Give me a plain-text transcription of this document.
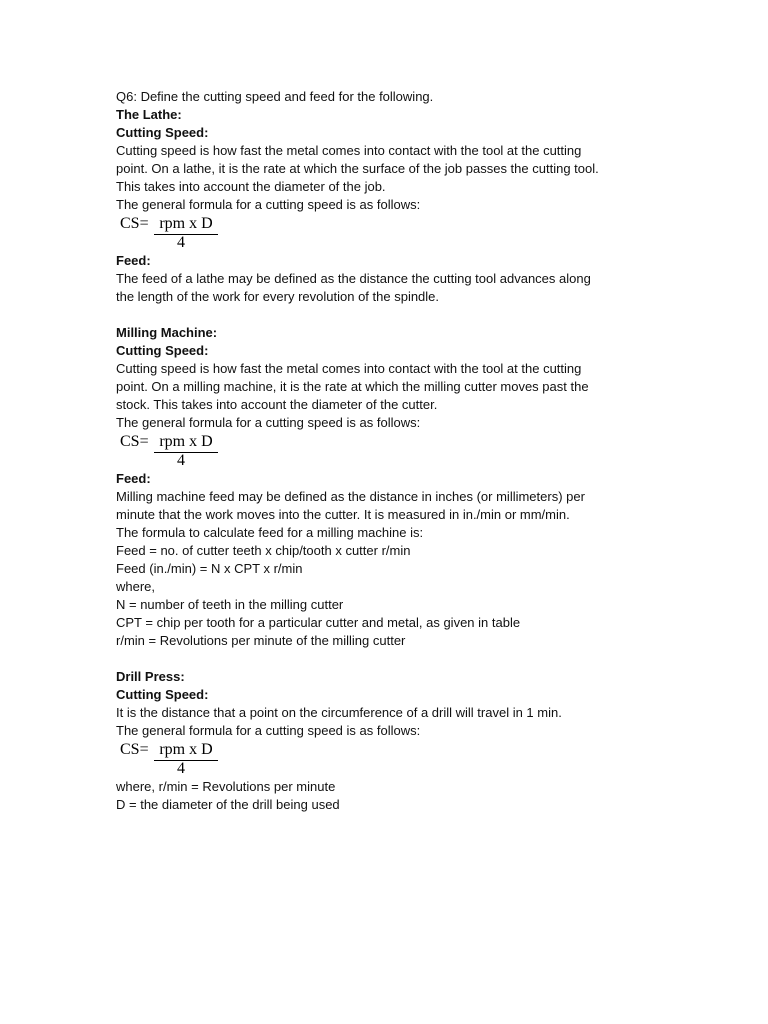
Q6: Define the cutting speed and feed for the following.

The Lathe:

Cutting Speed:

Cutting speed is how fast the metal comes into contact with the tool at the cutting

point. On a lathe, it is the rate at which the surface of the job passes the cutting tool.

This takes into account the diameter of the job.

The general formula for a cutting speed is as follows:

CS= rpm x D
4

Feed:

The feed of a lathe may be defined as the distance the cutting tool advances along

the length of the work for every revolution of the spindle.

Milling Machine:

Cutting Speed:

Cutting speed is how fast the metal comes into contact with the tool at the cutting

point. On a milling machine, it is the rate at which the milling cutter moves past the

stock. This takes into account the diameter of the cutter.

The general formula for a cutting speed is as follows:

CS= rpm x D
4

Feed:

Milling machine feed may be defined as the distance in inches (or millimeters) per

minute that the work moves into the cutter. It is measured in in./min or mm/min.

The formula to calculate feed for a milling machine is:

Feed = no. of cutter teeth x chip/tooth x cutter r/min

Feed (in./min) = N x CPT x r/min

where,

N = number of teeth in the milling cutter

CPT = chip per tooth for a particular cutter and metal, as given in table

r/min = Revolutions per minute of the milling cutter

Drill Press:

Cutting Speed:

It is the distance that a point on the circumference of a drill will travel in 1 min.

The general formula for a cutting speed is as follows:

CS= rpm x D
4

where, r/min = Revolutions per minute

D = the diameter of the drill being used
